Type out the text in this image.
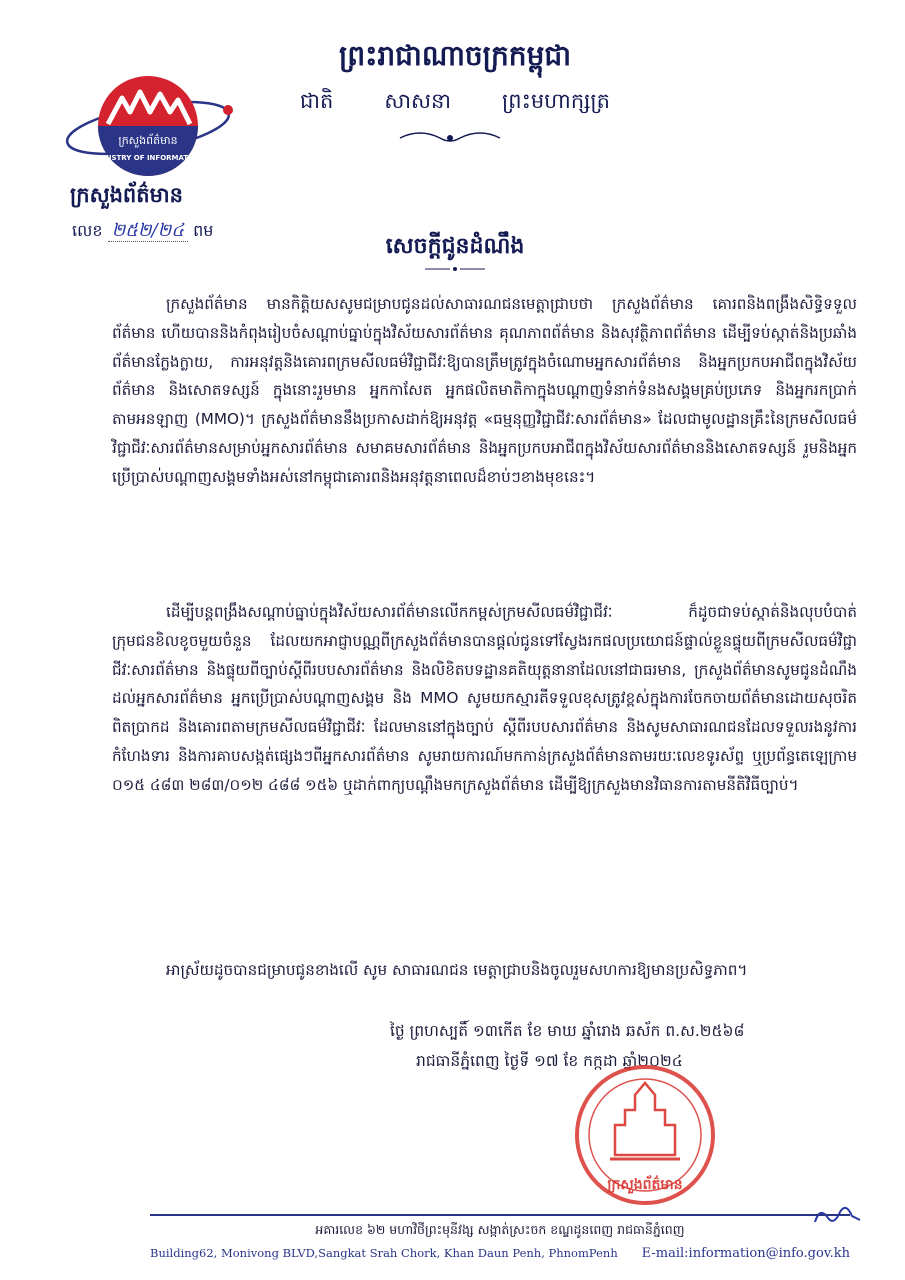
ក្រសួងព័ត៌មាន
MINISTRY OF INFORMATION
ក្រសួងព័ត៌មាន
លេខ ២៥២/២៤ ពម
ព្រះរាជាណាចក្រកម្ពុជា
ជាតិ សាសនា ព្រះមហាក្សត្រ
សេចក្តីជូនដំណឹង
ក្រសួងព័ត៌មាន មានកិត្តិយសសូមជម្រាបជូនដល់សាធារណជនមេត្តាជ្រាបថា ក្រសួងព័ត៌មាន គោរពនិងពង្រឹងសិទ្ធិទទួលព័ត៌មាន ហើយបាននិងកំពុងរៀបចំសណ្តាប់ធ្នាប់ក្នុងវិស័យសារព័ត៌មាន គុណភាពព័ត៌មាន និងសុវត្ថិភាពព័ត៌មាន ដើម្បីទប់ស្កាត់និងប្រឆាំងព័ត៌មានក្លែងក្លាយ, ការអនុវត្តនិងគោរពក្រមសីលធម៌វិជ្ជាជីវៈឱ្យបានត្រឹមត្រូវក្នុងចំណោមអ្នកសារព័ត៌មាន និងអ្នកប្រកបអាជីពក្នុងវិស័យព័ត៌មាន និងសោតទស្សន៍ ក្នុងនោះរួមមាន អ្នកកាសែត អ្នកផលិតមាតិកាក្នុងបណ្តាញទំនាក់ទំនងសង្គមគ្រប់ប្រភេទ និងអ្នករកប្រាក់តាមអនឡាញ (MMO)។ ក្រសួងព័ត៌មាននឹងប្រកាសដាក់ឱ្យអនុវត្ត «ធម្មនុញ្ញវិជ្ជាជីវៈសារព័ត៌មាន» ដែលជាមូលដ្ឋានគ្រឹះនៃក្រមសីលធម៌វិជ្ជាជីវៈសារព័ត៌មានសម្រាប់អ្នកសារព័ត៌មាន សមាគមសារព័ត៌មាន និងអ្នកប្រកបអាជីពក្នុងវិស័យសារព័ត៌មាននិងសោតទស្សន៍ រួមនិងអ្នកប្រើប្រាស់បណ្តាញសង្គមទាំងអស់នៅកម្ពុជាគោរពនិងអនុវត្តនាពេលដ៏ខាប់ៗខាងមុខនេះ។
ដើម្បីបន្តពង្រឹងសណ្តាប់ធ្នាប់ក្នុងវិស័យសារព័ត៌មានលើកកម្ពស់ក្រមសីលធម៌វិជ្ជាជីវៈ ក៏ដូចជាទប់ស្កាត់និងលុបបំបាត់ក្រុមជនខិលខូចមួយចំនួន ដែលយកអាជ្ញាបណ្ណពីក្រសួងព័ត៌មានបានផ្តល់ជូនទៅស្វែងរកផលប្រយោជន៍ផ្ទាល់ខ្លួនផ្ទុយពីក្រមសីលធម៌វិជ្ជាជីវៈសារព័ត៌មាន និងផ្ទុយពីច្បាប់ស្តីពីរបបសារព័ត៌មាន និងលិខិតបទដ្ឋានគតិយុត្តនានាដែលនៅជាធរមាន, ក្រសួងព័ត៌មានសូមជូនដំណឹងដល់អ្នកសារព័ត៌មាន អ្នកប្រើប្រាស់បណ្តាញសង្គម និង MMO សូមយកស្មារតីទទួលខុសត្រូវខ្ពស់ក្នុងការចែកចាយព័ត៌មានដោយសុចរិត ពិតប្រាកដ និងគោរពតាមក្រមសីលធម៌វិជ្ជាជីវៈ ដែលមាននៅក្នុងច្បាប់ ស្តីពីរបបសារព័ត៌មាន និងសូមសាធារណជនដែលទទួលរងនូវការកំហែងទារ និងការគាបសង្កត់ផ្សេងៗពីអ្នកសារព័ត៌មាន សូមរាយការណ៍មកកាន់ក្រសួងព័ត៌មានតាមរយៈលេខទូរស័ព្ទ ឬប្រព័ន្ធតេឡេក្រាម ០១៥ ៤៨៣ ២៨៣/០១២ ៤៨៨ ១៥៦ ឬដាក់ពាក្យបណ្តឹងមកក្រសួងព័ត៌មាន ដើម្បីឱ្យក្រសួងមានវិធានការតាមនីតិវិធីច្បាប់។
អាស្រ័យដូចបានជម្រាបជូនខាងលើ សូម សាធារណជន មេត្តាជ្រាបនិងចូលរួមសហការឱ្យមានប្រសិទ្ធភាព។
ថ្ងៃ ព្រហស្បតិ៍ ១៣កើត ខែ មាឃ ឆ្នាំរោង ឆស័ក ព.ស.២៥៦៨
រាជធានីភ្នំពេញ ថ្ងៃទី ១៧ ខែ កក្កដា ឆ្នាំ២០២៤
ក្រសួងព័ត៌មាន
អគារលេខ ៦២ មហាវិថីព្រះមុនីវង្ស សង្កាត់ស្រះចក ខណ្ឌដូនពេញ រាជធានីភ្នំពេញ
Building62, Monivong BLVD,Sangkat Srah Chork, Khan Daun Penh, PhnomPenh E-mail:information@info.gov.kh
